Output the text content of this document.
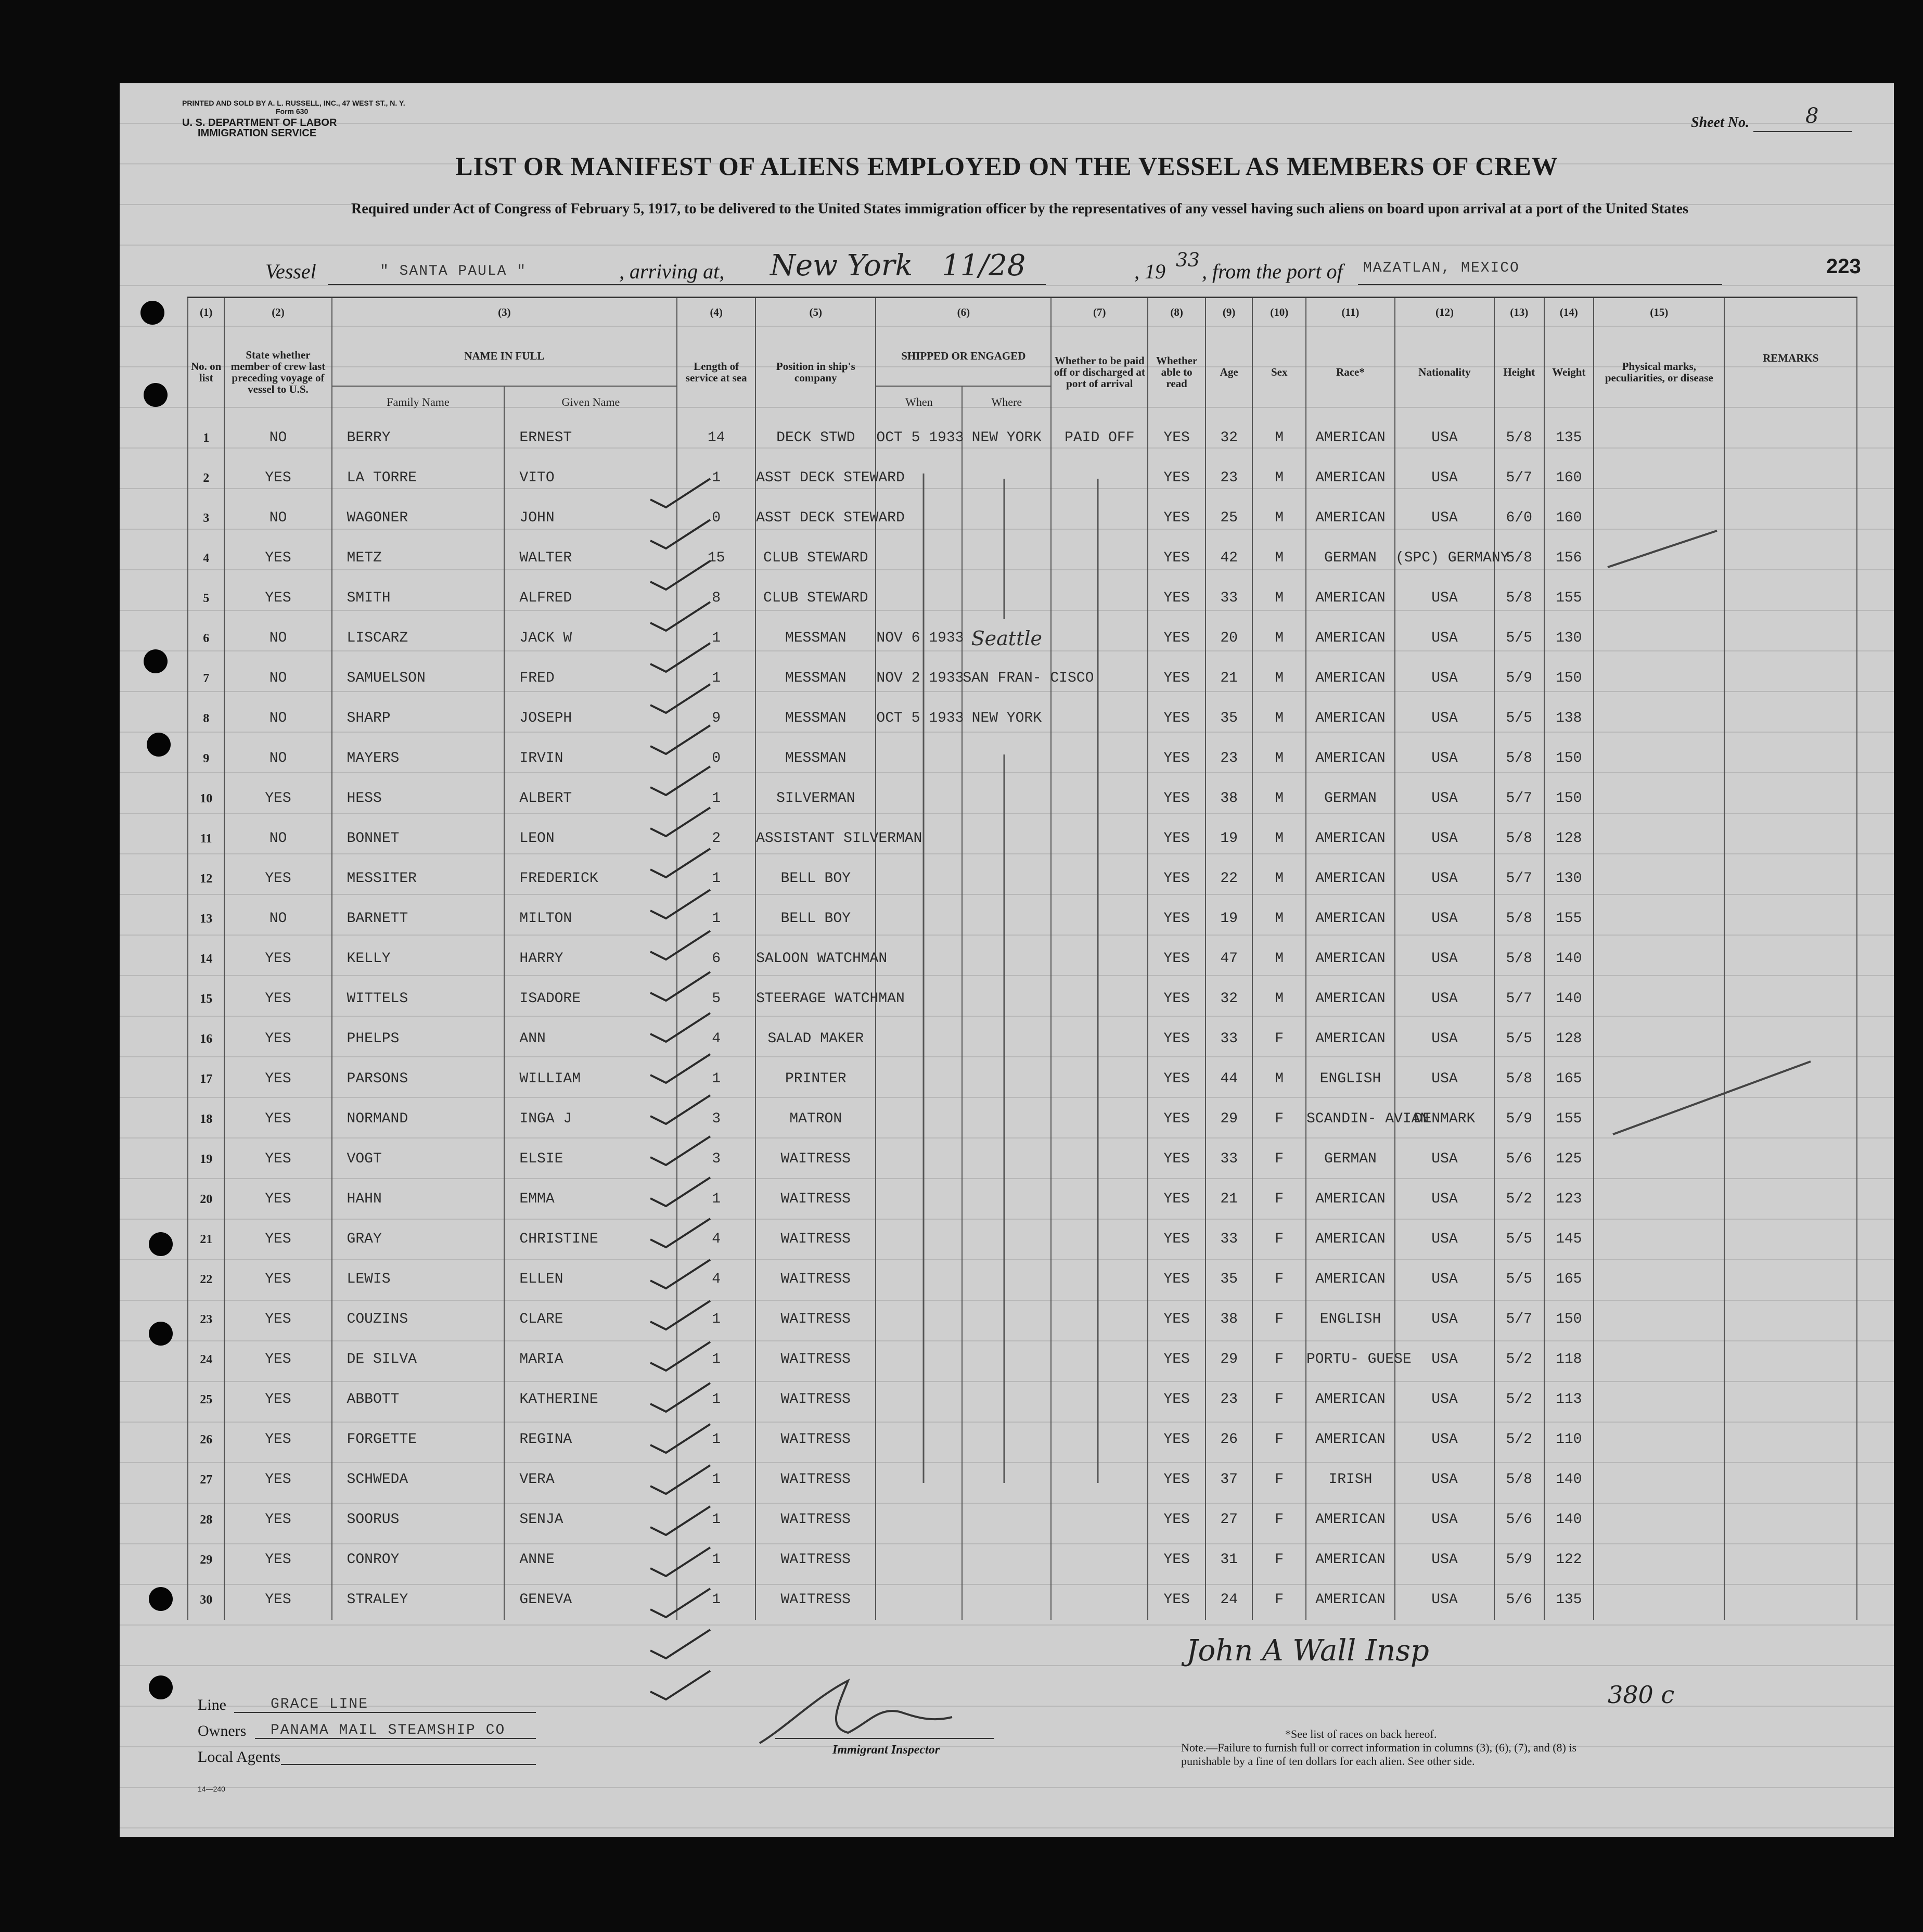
PRINTED AND SOLD BY A. L. RUSSELL, INC., 47 WEST ST., N. Y.
Form 630
U. S. DEPARTMENT OF LABOR
IMMIGRATION SERVICE
Sheet No.	8
LIST OR MANIFEST OF ALIENS EMPLOYED ON THE VESSEL AS MEMBERS OF CREW
Required under Act of Congress of February 5, 1917, to be delivered to the United States immigration officer by the representatives of any vessel having such aliens on board upon arrival at a port of the United States
Vessel	" SANTA PAULA "	, arriving at, New York 11/28	, 19 33 , from the port of MAZATLAN, MEXICO	223
(1)	(2)	(3)		(4)	(5)	(6)		(7)	(8)	(9)	(10)	(11)	(12)	(13)	(14)	(15)	REMARKS
No. on list	State whether member of crew last preceding voyage of vessel to U.S.	NAME IN FULL		Length of service at sea	Position in ship's company	SHIPPED OR ENGAGED		Whether to be paid off or discharged at port of arrival	Whether able to read	Age	Sex	Race*	Nationality	Height	Weight	Physical marks, peculiarities, or disease	
		Family Name	Given Name			When	Where										
1	NO	BERRY	ERNEST	14	DECK STWD	OCT 5 1933	NEW YORK	PAID OFF	YES	32	M	AMERICAN	USA	5/8	135		
2	YES	LA TORRE	VITO	1	ASST DECK STEWARD				YES	23	M	AMERICAN	USA	5/7	160		
3	NO	WAGONER	JOHN	0	ASST DECK STEWARD				YES	25	M	AMERICAN	USA	6/0	160		
4	YES	METZ	WALTER	15	CLUB STEWARD				YES	42	M	GERMAN	(SPC) GERMANY	5/8	156		
5	YES	SMITH	ALFRED	8	CLUB STEWARD				YES	33	M	AMERICAN	USA	5/8	155		
6	NO	LISCARZ	JACK W	1	MESSMAN	NOV 6 1933	Seattle		YES	20	M	AMERICAN	USA	5/5	130		
7	NO	SAMUELSON	FRED	1	MESSMAN	NOV 2 1933	SAN FRAN- CISCO		YES	21	M	AMERICAN	USA	5/9	150		
8	NO	SHARP	JOSEPH	9	MESSMAN	OCT 5 1933	NEW YORK		YES	35	M	AMERICAN	USA	5/5	138		
9	NO	MAYERS	IRVIN	0	MESSMAN				YES	23	M	AMERICAN	USA	5/8	150		
10	YES	HESS	ALBERT	1	SILVERMAN				YES	38	M	GERMAN	USA	5/7	150		
11	NO	BONNET	LEON	2	ASSISTANT SILVERMAN				YES	19	M	AMERICAN	USA	5/8	128		
12	YES	MESSITER	FREDERICK	1	BELL BOY				YES	22	M	AMERICAN	USA	5/7	130		
13	NO	BARNETT	MILTON	1	BELL BOY				YES	19	M	AMERICAN	USA	5/8	155		
14	YES	KELLY	HARRY	6	SALOON WATCHMAN				YES	47	M	AMERICAN	USA	5/8	140		
15	YES	WITTELS	ISADORE	5	STEERAGE WATCHMAN				YES	32	M	AMERICAN	USA	5/7	140		
16	YES	PHELPS	ANN	4	SALAD MAKER				YES	33	F	AMERICAN	USA	5/5	128		
17	YES	PARSONS	WILLIAM	1	PRINTER				YES	44	M	ENGLISH	USA	5/8	165		
18	YES	NORMAND	INGA J	3	MATRON				YES	29	F	SCANDIN- AVIAN	DENMARK	5/9	155		
19	YES	VOGT	ELSIE	3	WAITRESS				YES	33	F	GERMAN	USA	5/6	125		
20	YES	HAHN	EMMA	1	WAITRESS				YES	21	F	AMERICAN	USA	5/2	123		
21	YES	GRAY	CHRISTINE	4	WAITRESS				YES	33	F	AMERICAN	USA	5/5	145		
22	YES	LEWIS	ELLEN	4	WAITRESS				YES	35	F	AMERICAN	USA	5/5	165		
23	YES	COUZINS	CLARE	1	WAITRESS				YES	38	F	ENGLISH	USA	5/7	150		
24	YES	DE SILVA	MARIA	1	WAITRESS				YES	29	F	PORTU- GUESE	USA	5/2	118		
25	YES	ABBOTT	KATHERINE	1	WAITRESS				YES	23	F	AMERICAN	USA	5/2	113		
26	YES	FORGETTE	REGINA	1	WAITRESS				YES	26	F	AMERICAN	USA	5/2	110		
27	YES	SCHWEDA	VERA	1	WAITRESS				YES	37	F	IRISH	USA	5/8	140		
28	YES	SOORUS	SENJA	1	WAITRESS				YES	27	F	AMERICAN	USA	5/6	140		
29	YES	CONROY	ANNE	1	WAITRESS				YES	31	F	AMERICAN	USA	5/9	122		
30	YES	STRALEY	GENEVA	1	WAITRESS				YES	24	F	AMERICAN	USA	5/6	135		
Line	GRACE LINE
Owners PANAMA MAIL STEAMSHIP CO
Local Agents
14—240
Immigrant Inspector
John A Wall Insp
380 c
*See list of races on back hereof.
Note.—Failure to furnish full or correct information in columns (3), (6), (7), and (8) is punishable by a fine of ten dollars for each alien. See other side.
